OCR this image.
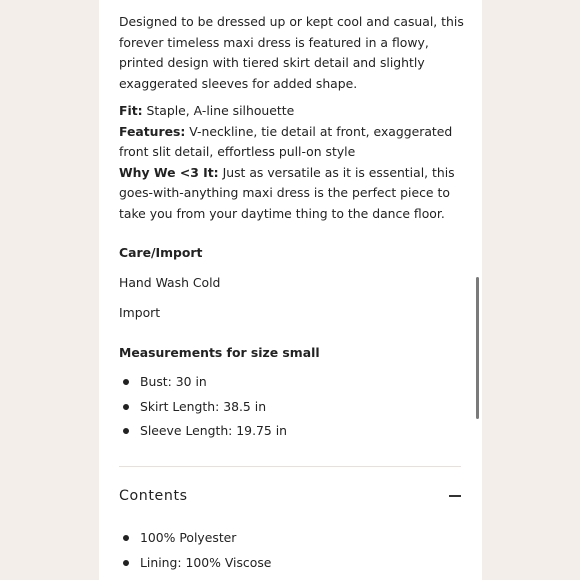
Designed to be dressed up or kept cool and casual, this forever timeless maxi dress is featured in a flowy, printed design with tiered skirt detail and slightly exaggerated sleeves for added shape.

Fit: Staple, A-line silhouette

Features: V-neckline, tie detail at front, exaggerated front slit detail, effortless pull-on style

Why We <3 It: Just as versatile as it is essential, this goes-with-anything maxi dress is the perfect piece to take you from your daytime thing to the dance floor.

Care/Import

Hand Wash Cold

Import

Measurements for size small

Bust: 30 in
Skirt Length: 38.5 in
Sleeve Length: 19.75 in
Contents
100% Polyester
Lining: 100% Viscose
